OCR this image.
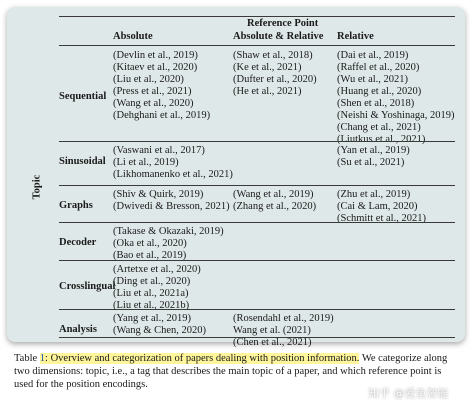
Reference Point
Absolute	Absolute & Relative Relative
Topic
Sequential
(Devlin et al., 2019)
(Kitaev et al., 2020)
(Liu et al., 2020)
(Press et al., 2021)
(Wang et al., 2020)
(Dehghani et al., 2019)
(Shaw et al., 2018)
(Ke et al., 2021)
(Dufter et al., 2020)
(He et al., 2021)
(Dai et al., 2019)
(Raffel et al., 2020)
(Wu et al., 2021)
(Huang et al., 2020)
(Shen et al., 2018)
(Neishi & Yoshinaga, 2019)
(Chang et al., 2021)
(Liutkus et al., 2021)
Sinusoidal
(Vaswani et al., 2017)
(Li et al., 2019)
(Likhomanenko et al., 2021)
(Yan et al., 2019)
(Su et al., 2021)
Graphs
(Shiv & Quirk, 2019)
(Dwivedi & Bresson, 2021)
(Wang et al., 2019)
(Zhang et al., 2020)
(Zhu et al., 2019)
(Cai & Lam, 2020)
(Schmitt et al., 2021)
Decoder
(Takase & Okazaki, 2019)
(Oka et al., 2020)
(Bao et al., 2019)
Crosslingual
(Artetxe et al., 2020)
(Ding et al., 2020)
(Liu et al., 2021a)
(Liu et al., 2021b)
Analysis
(Yang et al., 2019)
(Wang & Chen, 2020)
(Rosendahl et al., 2019)
Wang et al. (2021)
(Chen et al., 2021)
Table 1: Overview and categorization of papers dealing with position information. We categorize along two dimensions: topic, i.e., a tag that describes the main topic of a paper, and which reference point is used for the position encodings.
知乎 @爱鱼智能
